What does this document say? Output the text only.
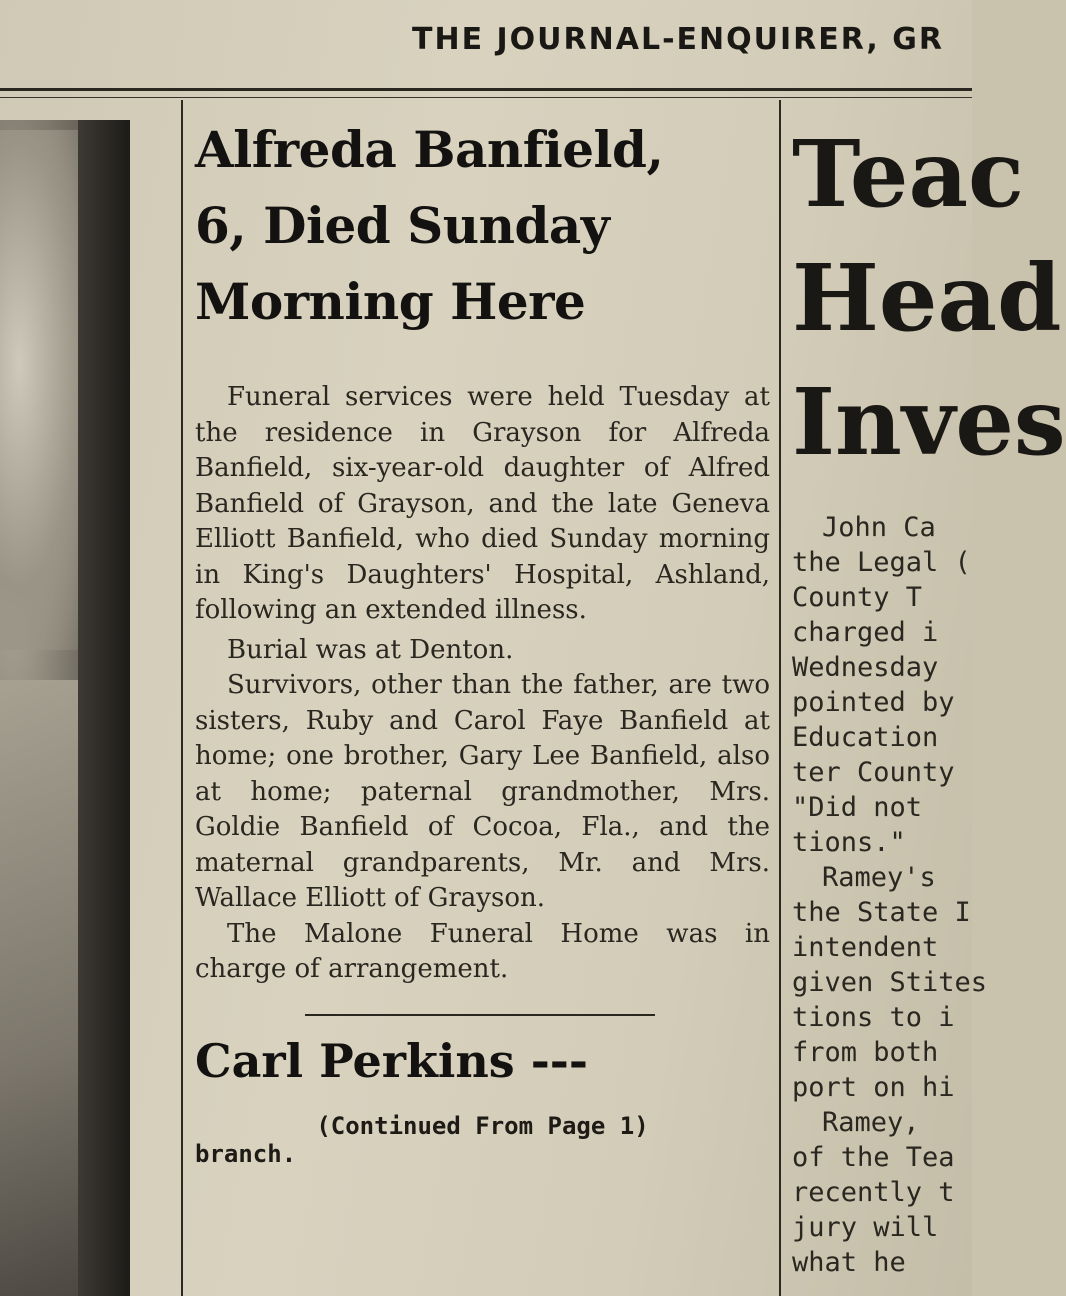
THE JOURNAL-ENQUIRER, GR
Alfreda Banfield,
6, Died Sunday
Morning Here

Funeral services were held Tuesday at the residence in Grayson for Alfreda Banfield, six-year-old daughter of Alfred Banfield of Grayson, and the late Geneva Elliott Banfield, who died Sunday morning in King's Daughters' Hospital, Ashland, following an extended illness.

Burial was at Denton.

Survivors, other than the father, are two sisters, Ruby and Carol Faye Banfield at home; one brother, Gary Lee Banfield, also at home; paternal grandmother, Mrs. Goldie Banfield of Cocoa, Fla., and the maternal grandparents, Mr. and Mrs. Wallace Elliott of Grayson.

The Malone Funeral Home was in charge of arrangement.

Carl Perkins ---
(Continued From Page 1)
branch.
Teac
Head
Inves
John Ca
the Legal (
County T
charged i
Wednesday
pointed by
Education
ter County
"Did not
tions."
Ramey's
the State I
intendent
given Stites
tions to i
from both
port on hi
Ramey,
of the Tea
recently t
jury will
what he
